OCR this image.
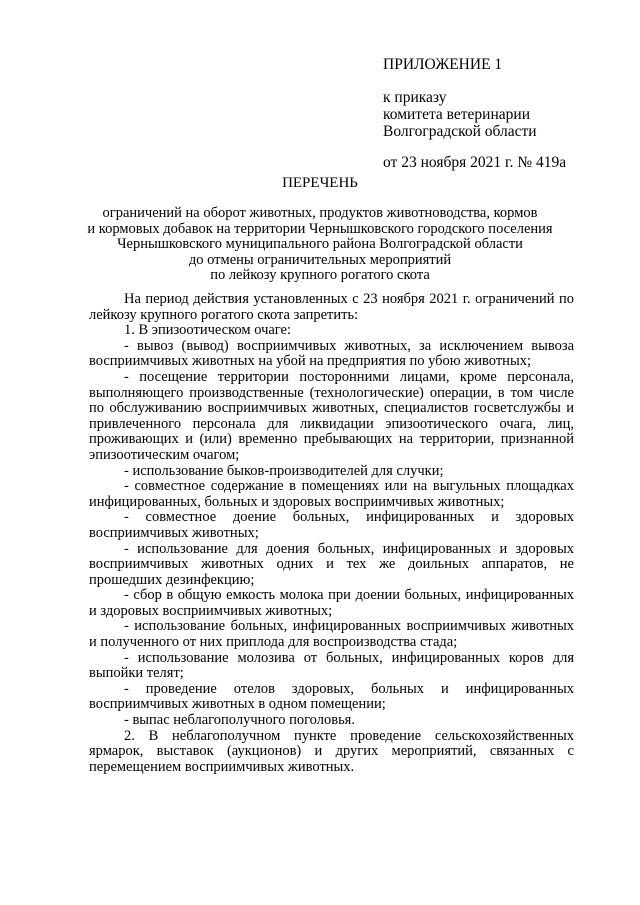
ПРИЛОЖЕНИЕ 1
к приказу
комитета ветеринарии
Волгоградской области
от 23 ноября 2021 г. № 419а
ПЕРЕЧЕНЬ
ограничений на оборот животных, продуктов животноводства, кормов
и кормовых добавок на территории Чернышковского городского поселения
Чернышковского муниципального района Волгоградской области
до отмены ограничительных мероприятий
по лейкозу крупного рогатого скота

На период действия установленных с 23 ноября 2021 г. ограничений по лейкозу крупного рогатого скота запретить:

1. В эпизоотическом очаге:

- вывоз (вывод) восприимчивых животных, за исключением вывоза восприимчивых животных на убой на предприятия по убою животных;

- посещение территории посторонними лицами, кроме персонала, выполняющего производственные (технологические) операции, в том числе по обслуживанию восприимчивых животных, специалистов госветслужбы и привлеченного персонала для ликвидации эпизоотического очага, лиц, проживающих и (или) временно пребывающих на территории, признанной эпизоотическим очагом;

- использование быков-производителей для случки;

- совместное содержание в помещениях или на выгульных площадках инфицированных, больных и здоровых восприимчивых животных;

- совместное доение больных, инфицированных и здоровых восприимчивых животных;

- использование для доения больных, инфицированных и здоровых восприимчивых животных одних и тех же доильных аппаратов, не прошедших дезинфекцию;

- сбор в общую емкость молока при доении больных, инфицированных и здоровых восприимчивых животных;

- использование больных, инфицированных восприимчивых животных и полученного от них приплода для воспроизводства стада;

- использование молозива от больных, инфицированных коров для выпойки телят;

- проведение отелов здоровых, больных и инфицированных восприимчивых животных в одном помещении;

- выпас неблагополучного поголовья.

2. В неблагополучном пункте проведение сельскохозяйственных ярмарок, выставок (аукционов) и других мероприятий, связанных с перемещением восприимчивых животных.
